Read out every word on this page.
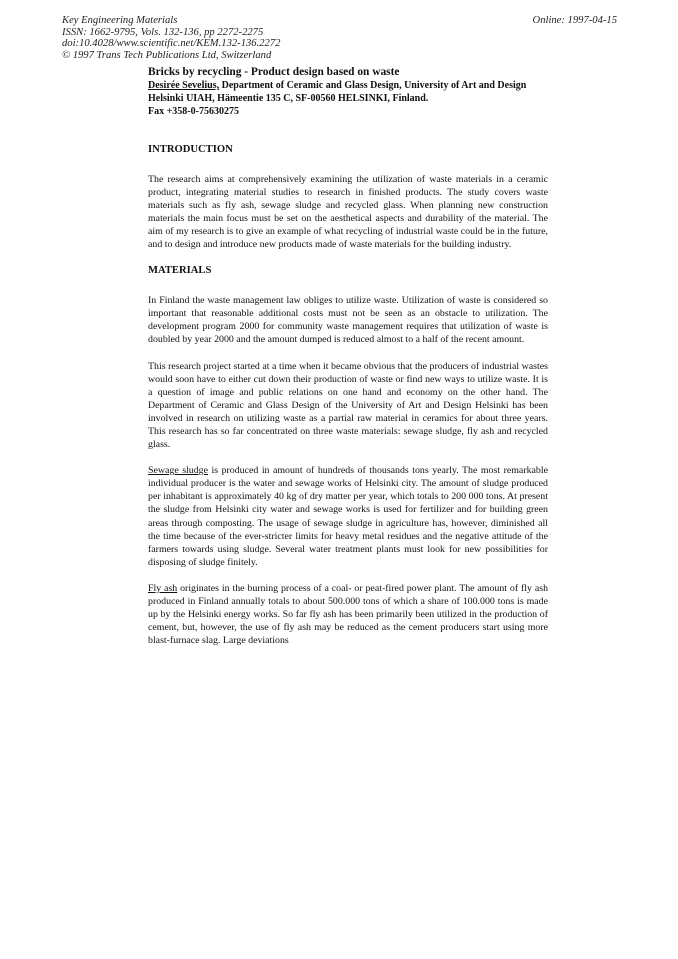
Key Engineering Materials
ISSN: 1662-9795, Vols. 132-136, pp 2272-2275
doi:10.4028/www.scientific.net/KEM.132-136.2272
© 1997 Trans Tech Publications Ltd, Switzerland
Online: 1997-04-15
Bricks by recycling - Product design based on waste
Desirée Sevelius, Department of Ceramic and Glass Design, University of Art and Design Helsinki UIAH, Hämeentie 135 C, SF-00560 HELSINKI, Finland.
Fax +358-0-75630275
INTRODUCTION

The research aims at comprehensively examining the utilization of waste materials in a ceramic product, integrating material studies to research in finished products. The study covers waste materials such as fly ash, sewage sludge and recycled glass. When planning new construction materials the main focus must be set on the aesthetical aspects and durability of the material. The aim of my research is to give an example of what recycling of industrial waste could be in the future, and to design and introduce new products made of waste materials for the building industry.

MATERIALS

In Finland the waste management law obliges to utilize waste. Utilization of waste is considered so important that reasonable additional costs must not be seen as an obstacle to utilization. The development program 2000 for community waste management requires that utilization of waste is doubled by year 2000 and the amount dumped is reduced almost to a half of the recent amount.

This research project started at a time when it became obvious that the producers of industrial wastes would soon have to either cut down their production of waste or find new ways to utilize waste. It is a question of image and public relations on one hand and economy on the other hand. The Department of Ceramic and Glass Design of the University of Art and Design Helsinki has been involved in research on utilizing waste as a partial raw material in ceramics for about three years. This research has so far concentrated on three waste materials: sewage sludge, fly ash and recycled glass.

Sewage sludge is produced in amount of hundreds of thousands tons yearly. The most remarkable individual producer is the water and sewage works of Helsinki city. The amount of sludge produced per inhabitant is approximately 40 kg of dry matter per year, which totals to 200 000 tons. At present the sludge from Helsinki city water and sewage works is used for fertilizer and for building green areas through composting. The usage of sewage sludge in agriculture has, however, diminished all the time because of the ever-stricter limits for heavy metal residues and the negative attitude of the farmers towards using sludge. Several water treatment plants must look for new possibilities for disposing of sludge finitely.

Fly ash originates in the burning process of a coal- or peat-fired power plant. The amount of fly ash produced in Finland annually totals to about 500.000 tons of which a share of 100.000 tons is made up by the Helsinki energy works. So far fly ash has been primarily been utilized in the production of cement, but, however, the use of fly ash may be reduced as the cement producers start using more blast-furnace slag. Large deviations
